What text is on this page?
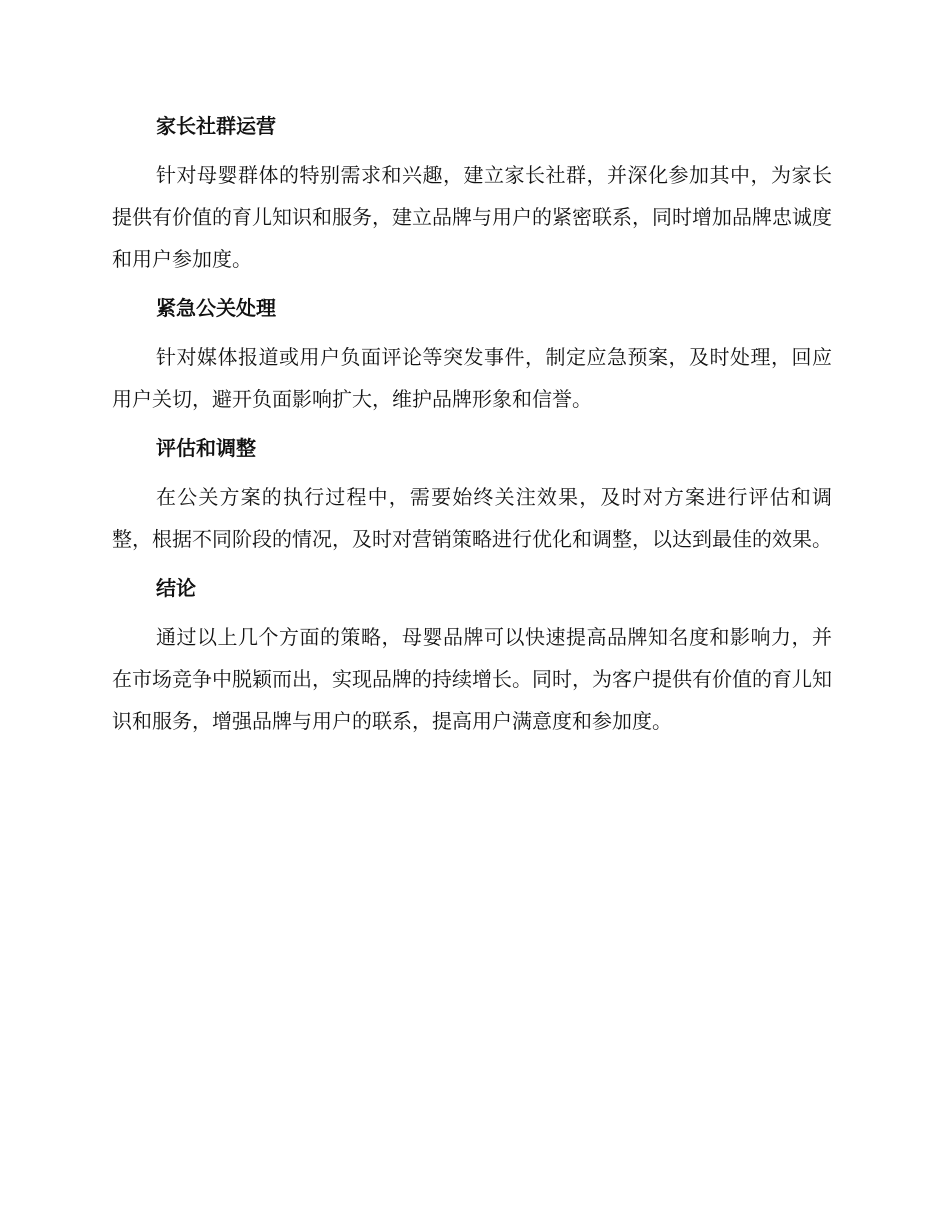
家长社群运营

针对母婴群体的特别需求和兴趣，建立家长社群，并深化参加其中，为家长提供有价值的育儿知识和服务，建立品牌与用户的紧密联系，同时增加品牌忠诚度和用户参加度。

紧急公关处理

针对媒体报道或用户负面评论等突发事件，制定应急预案，及时处理，回应用户关切，避开负面影响扩大，维护品牌形象和信誉。

评估和调整

在公关方案的执行过程中，需要始终关注效果，及时对方案进行评估和调整，根据不同阶段的情况，及时对营销策略进行优化和调整，以达到最佳的效果。

结论

通过以上几个方面的策略，母婴品牌可以快速提高品牌知名度和影响力，并在市场竞争中脱颖而出，实现品牌的持续增长。同时，为客户提供有价值的育儿知识和服务，增强品牌与用户的联系，提高用户满意度和参加度。
